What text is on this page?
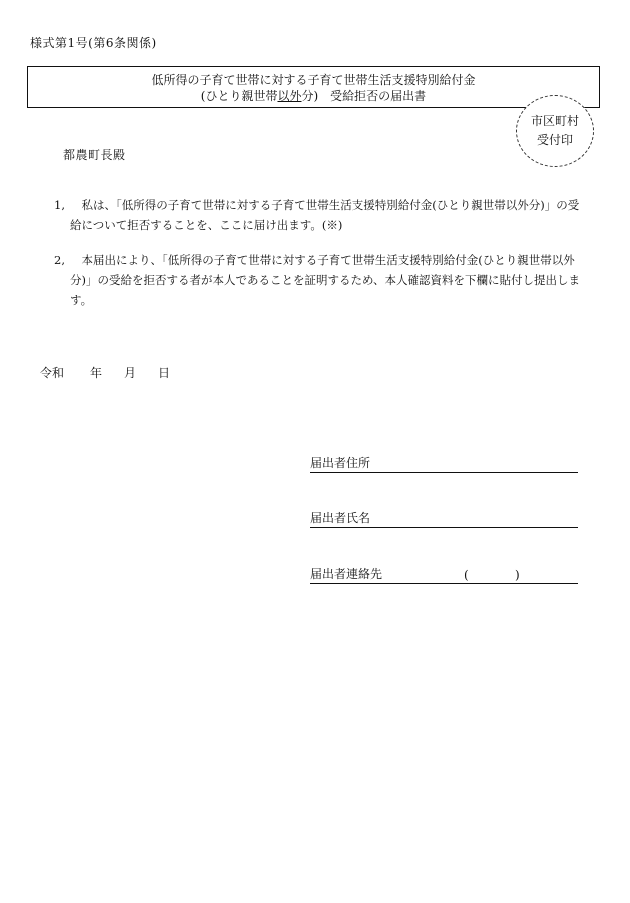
様式第1号(第6条関係)
低所得の子育て世帯に対する子育て世帯生活支援特別給付金
(ひとり親世帯以外分)　受給拒否の届出書
市区町村
受付印
都農町長殿
1,	私は、「低所得の子育て世帯に対する子育て世帯生活支援特別給付金(ひとり親世帯以外分)」の受給について拒否することを、ここに届け出ます。(※)
2,	本届出により、「低所得の子育て世帯に対する子育て世帯生活支援特別給付金(ひとり親世帯以外分)」の受給を拒否する者が本人であることを証明するため、本人確認資料を下欄に貼付し提出します。
令和 年 月 日
届出者住所
届出者氏名
届出者連絡先	(	)
